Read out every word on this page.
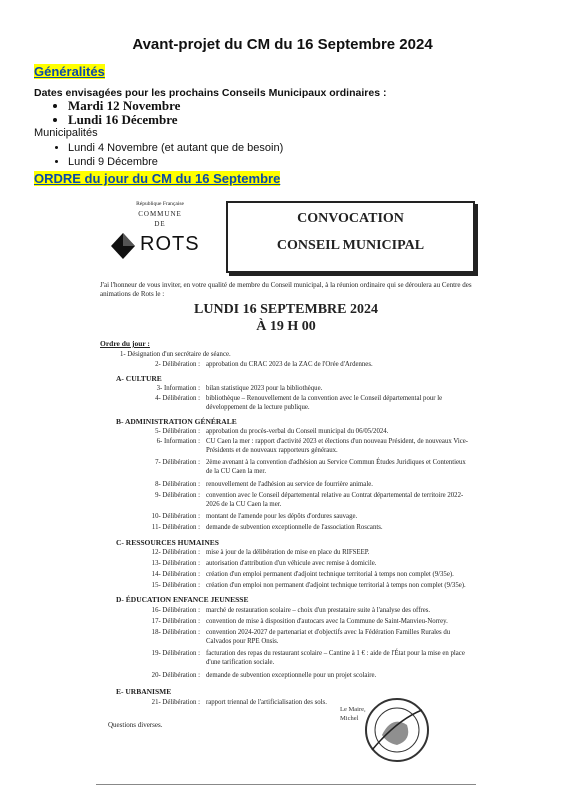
Avant-projet du CM du 16 Septembre 2024
Généralités
Dates envisagées pour les prochains Conseils Municipaux ordinaires :
• Mardi 12 Novembre
• Lundi 16 Décembre
Municipalités
• Lundi 4 Novembre (et autant que de besoin)
• Lundi 9 Décembre
ORDRE du jour du CM du 16 Septembre
République Française
COMMUNE
DE
ROTS
CONVOCATION
CONSEIL MUNICIPAL
J'ai l'honneur de vous inviter, en votre qualité de membre du Conseil municipal, à la réunion ordinaire qui se déroulera au Centre des animations de Rots le :
LUNDI 16 SEPTEMBRE 2024
À 19 H 00
Ordre du jour :
1- Désignation d'un secrétaire de séance.
2- Délibération : approbation du CRAC 2023 de la ZAC de l'Orée d'Ardennes.
A- CULTURE
3- Information : bilan statistique 2023 pour la bibliothèque.
4- Délibération : bibliothèque – Renouvellement de la convention avec le Conseil départemental pour le développement de la lecture publique.
B- ADMINISTRATION GÉNÉRALE
5- Délibération : approbation du procès-verbal du Conseil municipal du 06/05/2024.
6- Information : CU Caen la mer : rapport d'activité 2023 et élections d'un nouveau Président, de nouveaux Vice-Présidents et de nouveaux rapporteurs généraux.
7- Délibération : 2ème avenant à la convention d'adhésion au Service Commun Études Juridiques et Contentieux de la CU Caen la mer.
8- Délibération : renouvellement de l'adhésion au service de fourrière animale.
9- Délibération : convention avec le Conseil départemental relative au Contrat départemental de territoire 2022-2026 de la CU Caen la mer.
10- Délibération : montant de l'amende pour les dépôts d'ordures sauvage.
11- Délibération : demande de subvention exceptionnelle de l'association Roscants.
C- RESSOURCES HUMAINES
12- Délibération : mise à jour de la délibération de mise en place du RIFSEEP.
13- Délibération : autorisation d'attribution d'un véhicule avec remise à domicile.
14- Délibération : création d'un emploi permanent d'adjoint technique territorial à temps non complet (9/35e).
15- Délibération : création d'un emploi non permanent d'adjoint technique territorial à temps non complet (9/35e).
D- ÉDUCATION ENFANCE JEUNESSE
16- Délibération : marché de restauration scolaire – choix d'un prestataire suite à l'analyse des offres.
17- Délibération : convention de mise à disposition d'autocars avec la Commune de Saint-Manvieu-Norrey.
18- Délibération : convention 2024-2027 de partenariat et d'objectifs avec la Fédération Familles Rurales du Calvados pour RPE Onsis.
19- Délibération : facturation des repas du restaurant scolaire – Cantine à 1 € : aide de l'État pour la mise en place d'une tarification sociale.
20- Délibération : demande de subvention exceptionnelle pour un projet scolaire.
E- URBANISME
21- Délibération : rapport triennal de l'artificialisation des sols.
Questions diverses.
Le Maire,
Michel
